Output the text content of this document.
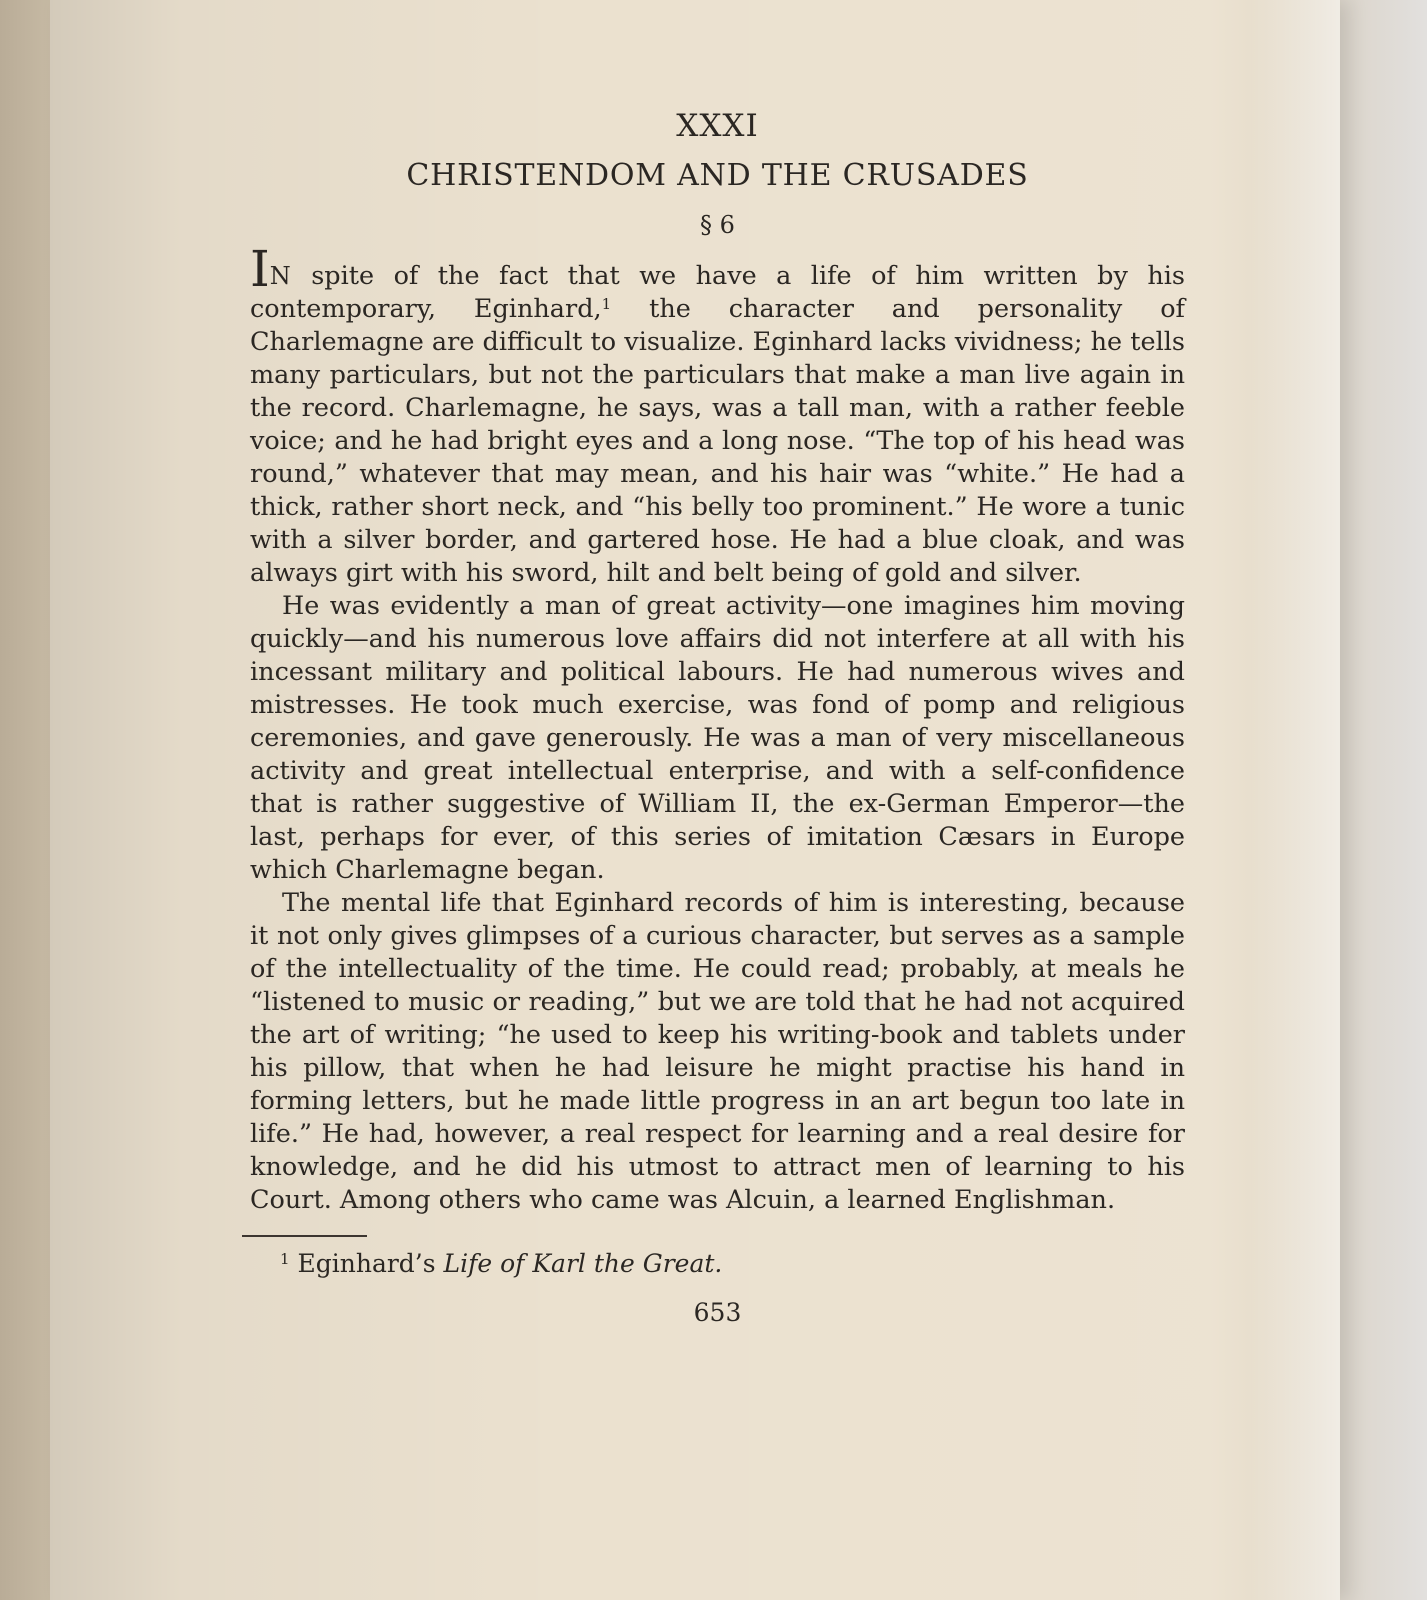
XXXI
CHRISTENDOM AND THE CRUSADES
§ 6

IN spite of the fact that we have a life of him written by his contemporary, Eginhard,$^1$ the character and personality of Charlemagne are difficult to visualize. Eginhard lacks vividness; he tells many particulars, but not the particulars that make a man live again in the record. Charlemagne, he says, was a tall man, with a rather feeble voice; and he had bright eyes and a long nose. “The top of his head was round,” whatever that may mean, and his hair was “white.” He had a thick, rather short neck, and “his belly too prominent.” He wore a tunic with a silver border, and gartered hose. He had a blue cloak, and was always girt with his sword, hilt and belt being of gold and silver.

He was evidently a man of great activity—one imagines him moving quickly—and his numerous love affairs did not interfere at all with his incessant military and political labours. He had numerous wives and mistresses. He took much exercise, was fond of pomp and religious ceremonies, and gave generously. He was a man of very miscellaneous activity and great intellectual enterprise, and with a self-confidence that is rather suggestive of William II, the ex-German Emperor—the last, perhaps for ever, of this series of imitation Cæsars in Europe which Charlemagne began.

The mental life that Eginhard records of him is interesting, because it not only gives glimpses of a curious character, but serves as a sample of the intellectuality of the time. He could read; probably, at meals he “listened to music or reading,” but we are told that he had not acquired the art of writing; “he used to keep his writing-book and tablets under his pillow, that when he had leisure he might practise his hand in forming letters, but he made little progress in an art begun too late in life.” He had, however, a real respect for learning and a real desire for knowledge, and he did his utmost to attract men of learning to his Court. Among others who came was Alcuin, a learned Englishman.

$^1$ Eginhard’s Life of Karl the Great.
653
